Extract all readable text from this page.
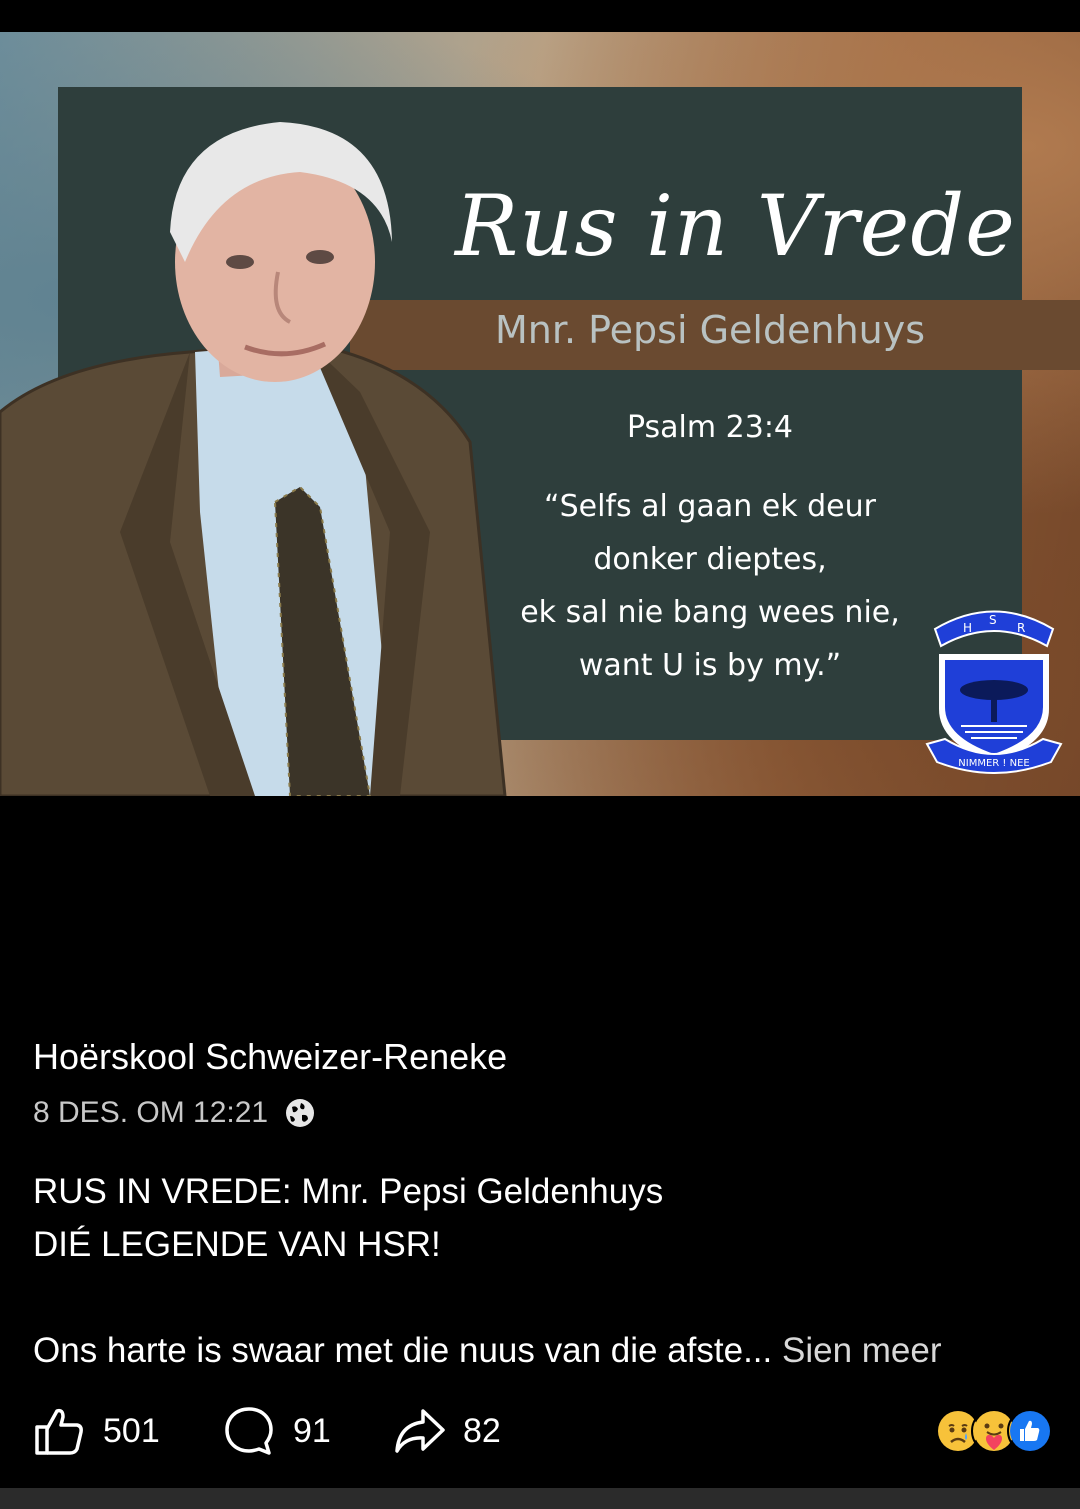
Rus in Vrede
Mnr. Pepsi Geldenhuys
Psalm 23:4
“Selfs al gaan ek deur
donker dieptes,
ek sal nie bang wees nie,
want U is by my.”
H
S
R
NIMMER ! NEE
Hoërskool Schweizer-Reneke
8 DES. OM 12:21
RUS IN VREDE: Mnr. Pepsi Geldenhuys
DIÉ LEGENDE VAN HSR!
Ons harte is swaar met die nuus van die afste... Sien meer
501	91	82
